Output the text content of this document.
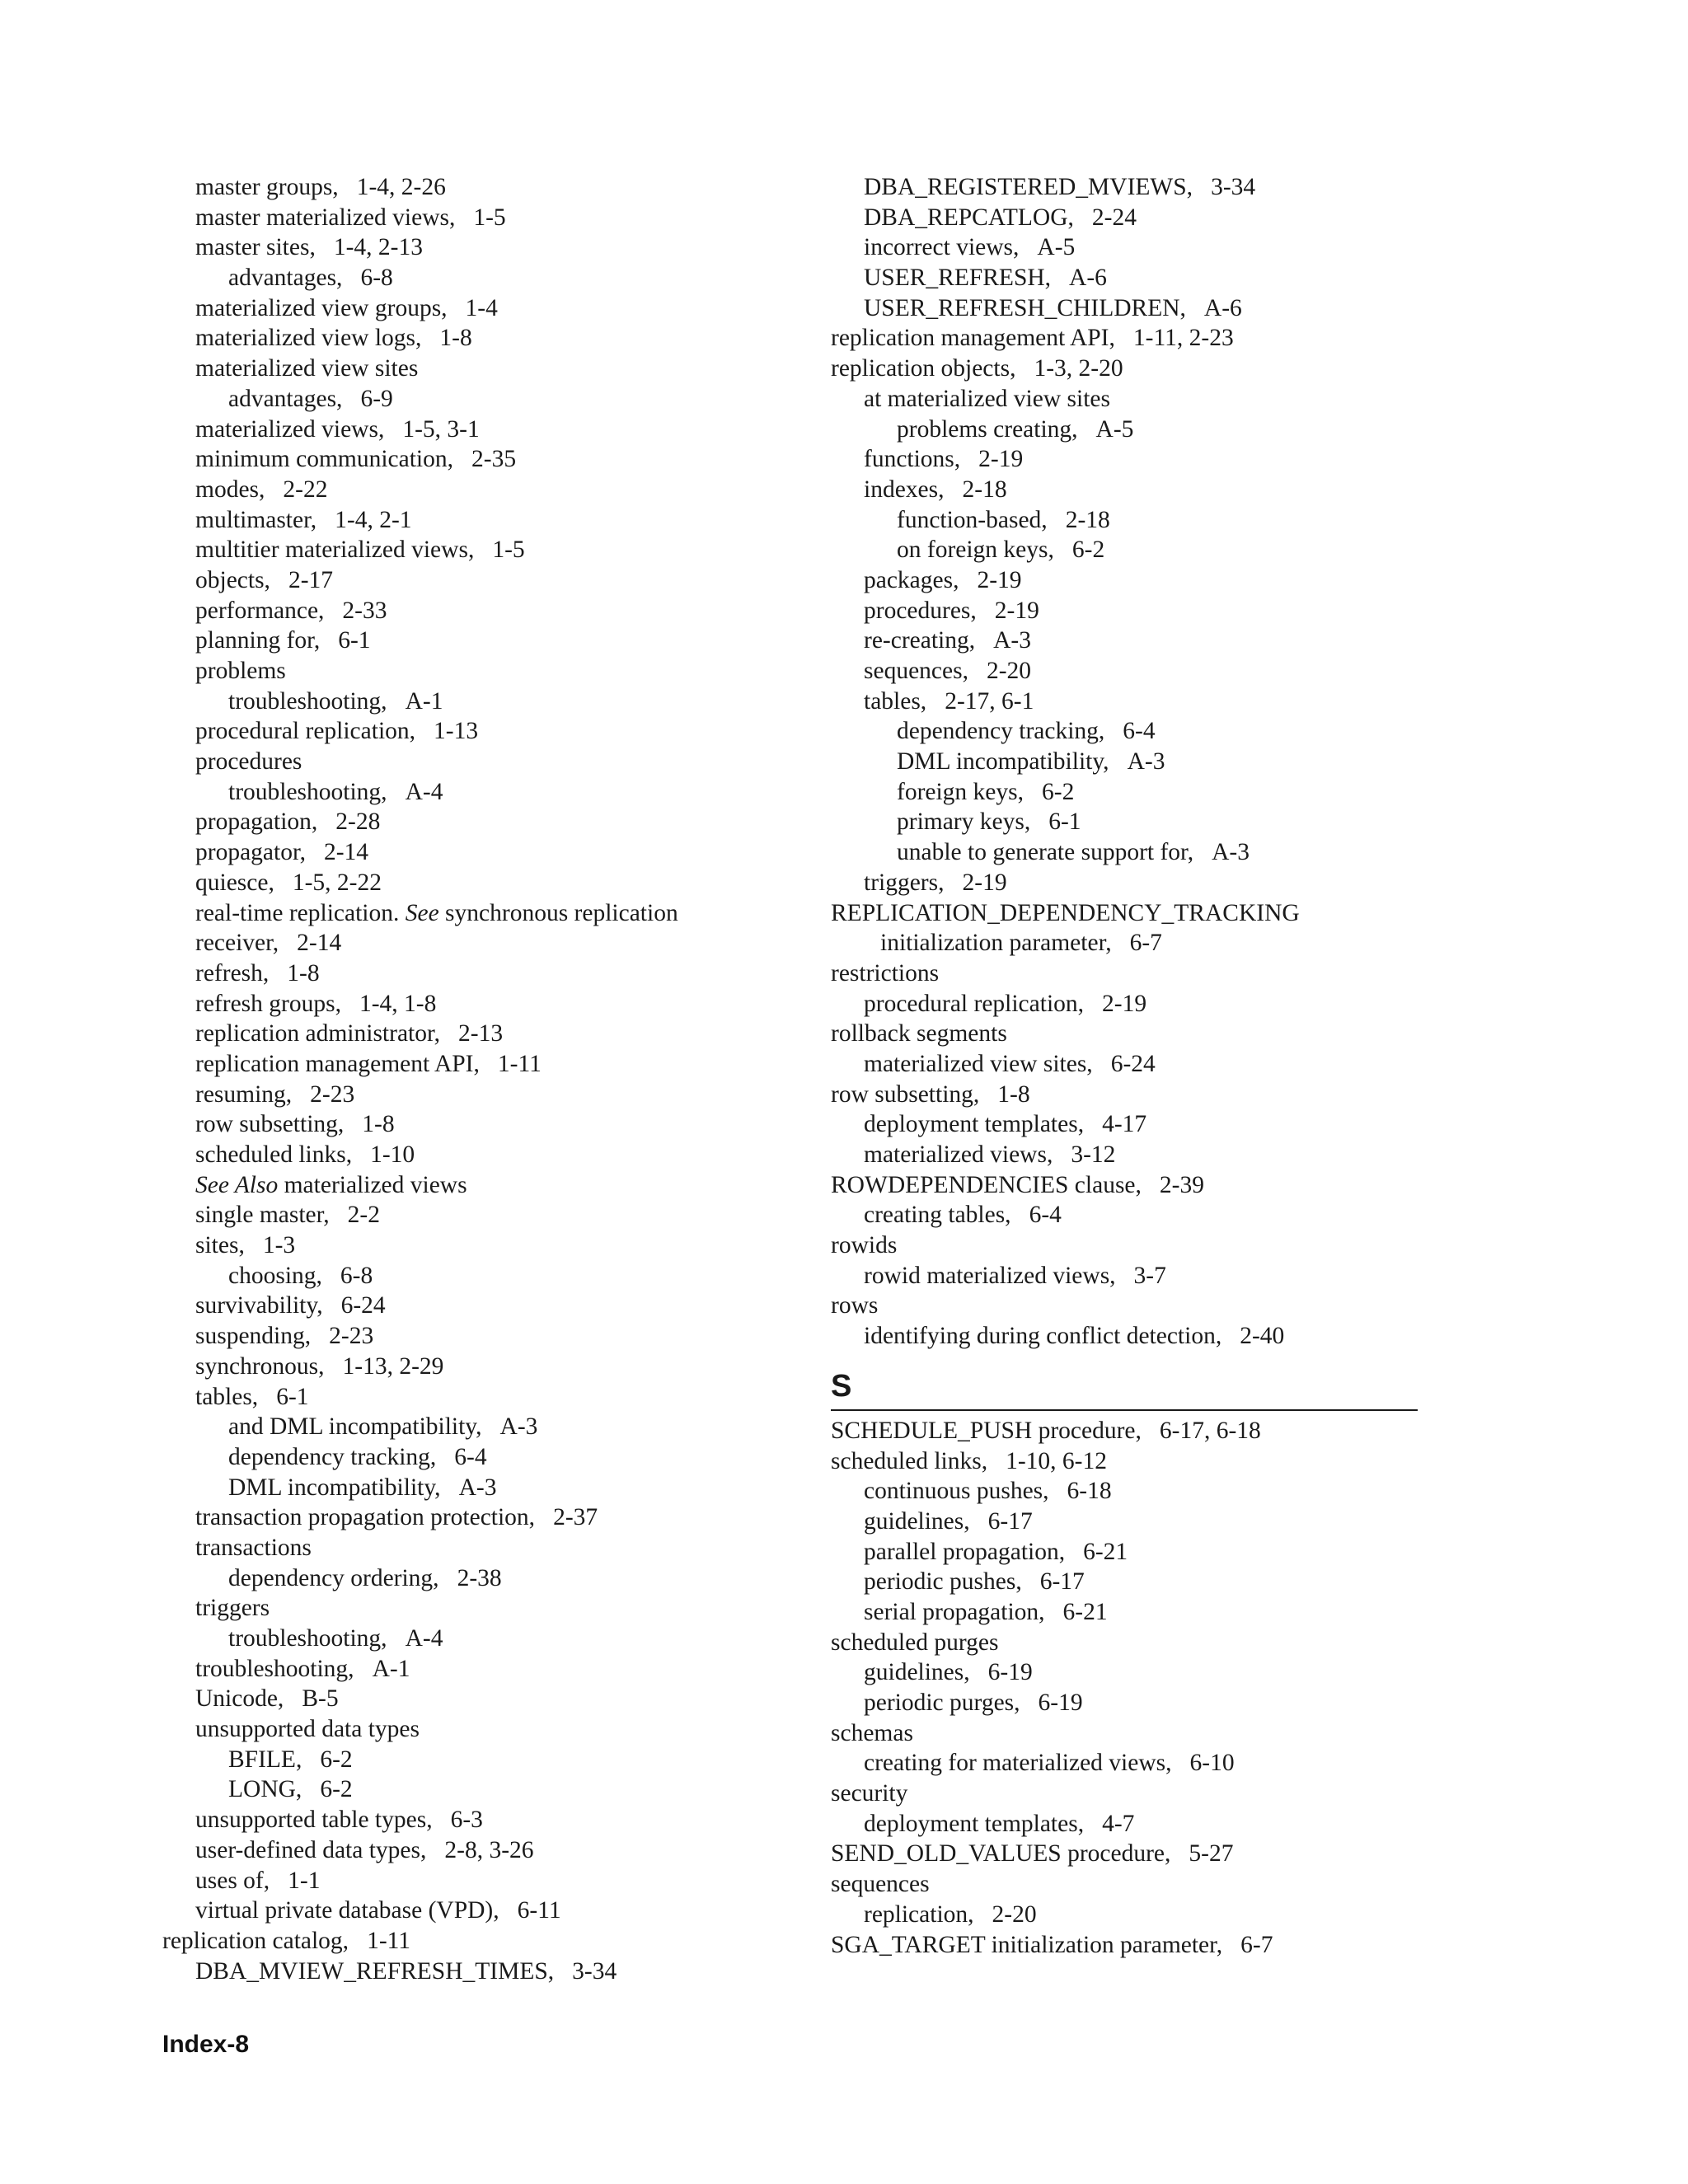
master groups, 1-4, 2-26
master materialized views, 1-5
master sites, 1-4, 2-13
advantages, 6-8
materialized view groups, 1-4
materialized view logs, 1-8
materialized view sites
advantages, 6-9
materialized views, 1-5, 3-1
minimum communication, 2-35
modes, 2-22
multimaster, 1-4, 2-1
multitier materialized views, 1-5
objects, 2-17
performance, 2-33
planning for, 6-1
problems
troubleshooting, A-1
procedural replication, 1-13
procedures
troubleshooting, A-4
propagation, 2-28
propagator, 2-14
quiesce, 1-5, 2-22
real-time replication. See synchronous replication
receiver, 2-14
refresh, 1-8
refresh groups, 1-4, 1-8
replication administrator, 2-13
replication management API, 1-11
resuming, 2-23
row subsetting, 1-8
scheduled links, 1-10
See Also materialized views
single master, 2-2
sites, 1-3
choosing, 6-8
survivability, 6-24
suspending, 2-23
synchronous, 1-13, 2-29
tables, 6-1
and DML incompatibility, A-3
dependency tracking, 6-4
DML incompatibility, A-3
transaction propagation protection, 2-37
transactions
dependency ordering, 2-38
triggers
troubleshooting, A-4
troubleshooting, A-1
Unicode, B-5
unsupported data types
BFILE, 6-2
LONG, 6-2
unsupported table types, 6-3
user-defined data types, 2-8, 3-26
uses of, 1-1
virtual private database (VPD), 6-11
replication catalog, 1-11
DBA_MVIEW_REFRESH_TIMES, 3-34
DBA_REGISTERED_MVIEWS, 3-34
DBA_REPCATLOG, 2-24
incorrect views, A-5
USER_REFRESH, A-6
USER_REFRESH_CHILDREN, A-6
replication management API, 1-11, 2-23
replication objects, 1-3, 2-20
at materialized view sites
problems creating, A-5
functions, 2-19
indexes, 2-18
function-based, 2-18
on foreign keys, 6-2
packages, 2-19
procedures, 2-19
re-creating, A-3
sequences, 2-20
tables, 2-17, 6-1
dependency tracking, 6-4
DML incompatibility, A-3
foreign keys, 6-2
primary keys, 6-1
unable to generate support for, A-3
triggers, 2-19
REPLICATION_DEPENDENCY_TRACKING
initialization parameter, 6-7
restrictions
procedural replication, 2-19
rollback segments
materialized view sites, 6-24
row subsetting, 1-8
deployment templates, 4-17
materialized views, 3-12
ROWDEPENDENCIES clause, 2-39
creating tables, 6-4
rowids
rowid materialized views, 3-7
rows
identifying during conflict detection, 2-40
S
SCHEDULE_PUSH procedure, 6-17, 6-18
scheduled links, 1-10, 6-12
continuous pushes, 6-18
guidelines, 6-17
parallel propagation, 6-21
periodic pushes, 6-17
serial propagation, 6-21
scheduled purges
guidelines, 6-19
periodic purges, 6-19
schemas
creating for materialized views, 6-10
security
deployment templates, 4-7
SEND_OLD_VALUES procedure, 5-27
sequences
replication, 2-20
SGA_TARGET initialization parameter, 6-7
Index-8
